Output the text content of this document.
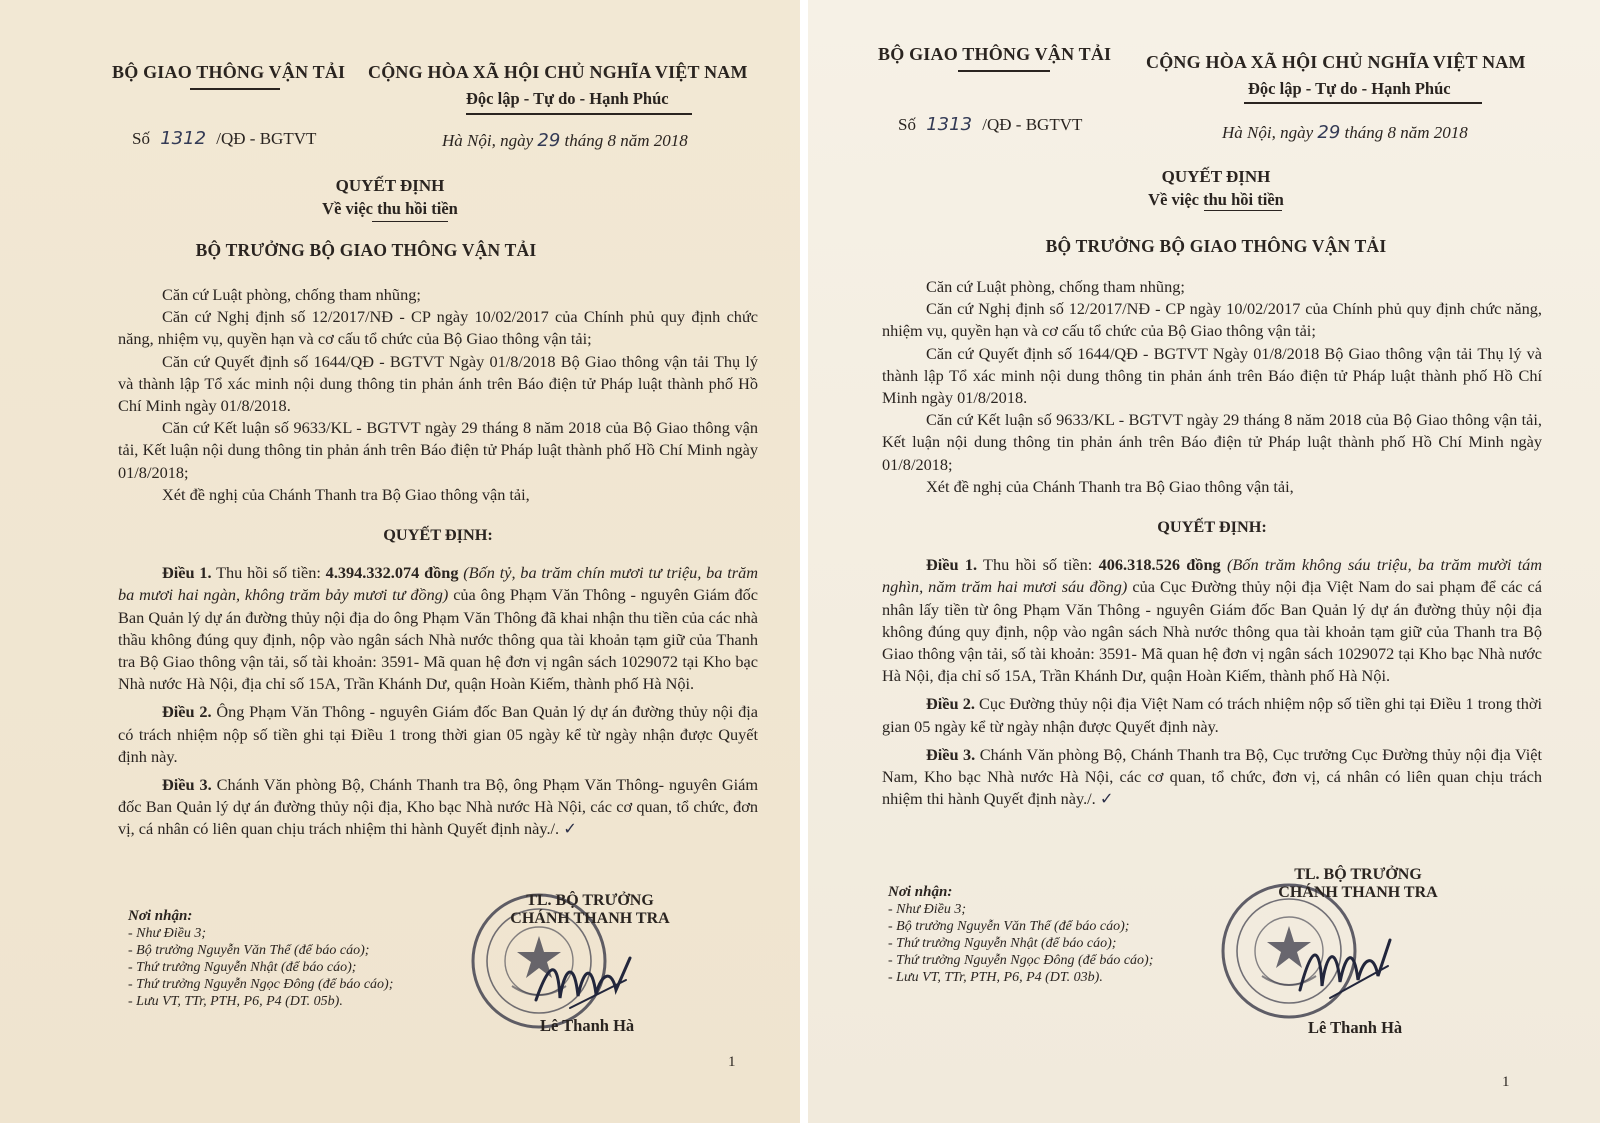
BỘ GIAO THÔNG VẬN TẢI CỘNG HÒA XÃ HỘI CHỦ NGHĨA VIỆT NAM
Độc lập - Tự do - Hạnh Phúc
Số 1312 /QĐ - BGTVT	Hà Nội, ngày 29 tháng 8 năm 2018
QUYẾT ĐỊNH
Về việc thu hồi tiền
BỘ TRƯỞNG BỘ GIAO THÔNG VẬN TẢI

Căn cứ Luật phòng, chống tham nhũng;

Căn cứ Nghị định số 12/2017/NĐ - CP ngày 10/02/2017 của Chính phủ quy định chức năng, nhiệm vụ, quyền hạn và cơ cấu tổ chức của Bộ Giao thông vận tải;

Căn cứ Quyết định số 1644/QĐ - BGTVT Ngày 01/8/2018 Bộ Giao thông vận tải Thụ lý và thành lập Tổ xác minh nội dung thông tin phản ánh trên Báo điện tử Pháp luật thành phố Hồ Chí Minh ngày 01/8/2018.

Căn cứ Kết luận số 9633/KL - BGTVT ngày 29 tháng 8 năm 2018 của Bộ Giao thông vận tải, Kết luận nội dung thông tin phản ánh trên Báo điện tử Pháp luật thành phố Hồ Chí Minh ngày 01/8/2018;

Xét đề nghị của Chánh Thanh tra Bộ Giao thông vận tải,

QUYẾT ĐỊNH:

Điều 1. Thu hồi số tiền: 4.394.332.074 đồng (Bốn tỷ, ba trăm chín mươi tư triệu, ba trăm ba mươi hai ngàn, không trăm bảy mươi tư đồng) của ông Phạm Văn Thông - nguyên Giám đốc Ban Quản lý dự án đường thủy nội địa do ông Phạm Văn Thông đã khai nhận thu tiền của các nhà thầu không đúng quy định, nộp vào ngân sách Nhà nước thông qua tài khoản tạm giữ của Thanh tra Bộ Giao thông vận tải, số tài khoản: 3591- Mã quan hệ đơn vị ngân sách 1029072 tại Kho bạc Nhà nước Hà Nội, địa chỉ số 15A, Trần Khánh Dư, quận Hoàn Kiếm, thành phố Hà Nội.

Điều 2. Ông Phạm Văn Thông - nguyên Giám đốc Ban Quản lý dự án đường thủy nội địa có trách nhiệm nộp số tiền ghi tại Điều 1 trong thời gian 05 ngày kể từ ngày nhận được Quyết định này.

Điều 3. Chánh Văn phòng Bộ, Chánh Thanh tra Bộ, ông Phạm Văn Thông- nguyên Giám đốc Ban Quản lý dự án đường thủy nội địa, Kho bạc Nhà nước Hà Nội, các cơ quan, tổ chức, đơn vị, cá nhân có liên quan chịu trách nhiệm thi hành Quyết định này./. ✓

Nơi nhận:
- Như Điều 3;
- Bộ trưởng Nguyễn Văn Thể (để báo cáo);
- Thứ trưởng Nguyễn Nhật (để báo cáo);
- Thứ trưởng Nguyễn Ngọc Đông (để báo cáo);
- Lưu VT, TTr, PTH, P6, P4 (DT. 05b).
TL. BỘ TRƯỞNG
CHÁNH THANH TRA
Lê Thanh Hà
1
BỘ GIAO THÔNG VẬN TẢI CỘNG HÒA XÃ HỘI CHỦ NGHĨA VIỆT NAM
Độc lập - Tự do - Hạnh Phúc
Số 1313 /QĐ - BGTVT	Hà Nội, ngày 29 tháng 8 năm 2018
QUYẾT ĐỊNH
Về việc thu hồi tiền
BỘ TRƯỞNG BỘ GIAO THÔNG VẬN TẢI

Căn cứ Luật phòng, chống tham nhũng;

Căn cứ Nghị định số 12/2017/NĐ - CP ngày 10/02/2017 của Chính phủ quy định chức năng, nhiệm vụ, quyền hạn và cơ cấu tổ chức của Bộ Giao thông vận tải;

Căn cứ Quyết định số 1644/QĐ - BGTVT Ngày 01/8/2018 Bộ Giao thông vận tải Thụ lý và thành lập Tổ xác minh nội dung thông tin phản ánh trên Báo điện tử Pháp luật thành phố Hồ Chí Minh ngày 01/8/2018.

Căn cứ Kết luận số 9633/KL - BGTVT ngày 29 tháng 8 năm 2018 của Bộ Giao thông vận tải, Kết luận nội dung thông tin phản ánh trên Báo điện tử Pháp luật thành phố Hồ Chí Minh ngày 01/8/2018;

Xét đề nghị của Chánh Thanh tra Bộ Giao thông vận tải,

QUYẾT ĐỊNH:

Điều 1. Thu hồi số tiền: 406.318.526 đồng (Bốn trăm không sáu triệu, ba trăm mười tám nghìn, năm trăm hai mươi sáu đồng) của Cục Đường thủy nội địa Việt Nam do sai phạm để các cá nhân lấy tiền từ ông Phạm Văn Thông - nguyên Giám đốc Ban Quản lý dự án đường thủy nội địa không đúng quy định, nộp vào ngân sách Nhà nước thông qua tài khoản tạm giữ của Thanh tra Bộ Giao thông vận tải, số tài khoản: 3591- Mã quan hệ đơn vị ngân sách 1029072 tại Kho bạc Nhà nước Hà Nội, địa chỉ số 15A, Trần Khánh Dư, quận Hoàn Kiếm, thành phố Hà Nội.

Điều 2. Cục Đường thủy nội địa Việt Nam có trách nhiệm nộp số tiền ghi tại Điều 1 trong thời gian 05 ngày kể từ ngày nhận được Quyết định này.

Điều 3. Chánh Văn phòng Bộ, Chánh Thanh tra Bộ, Cục trưởng Cục Đường thủy nội địa Việt Nam, Kho bạc Nhà nước Hà Nội, các cơ quan, tổ chức, đơn vị, cá nhân có liên quan chịu trách nhiệm thi hành Quyết định này./. ✓

Nơi nhận:
- Như Điều 3;
- Bộ trưởng Nguyễn Văn Thể (để báo cáo);
- Thứ trưởng Nguyễn Nhật (để báo cáo);
- Thứ trưởng Nguyễn Ngọc Đông (để báo cáo);
- Lưu VT, TTr, PTH, P6, P4 (DT. 03b).
TL. BỘ TRƯỞNG
CHÁNH THANH TRA
Lê Thanh Hà
1
